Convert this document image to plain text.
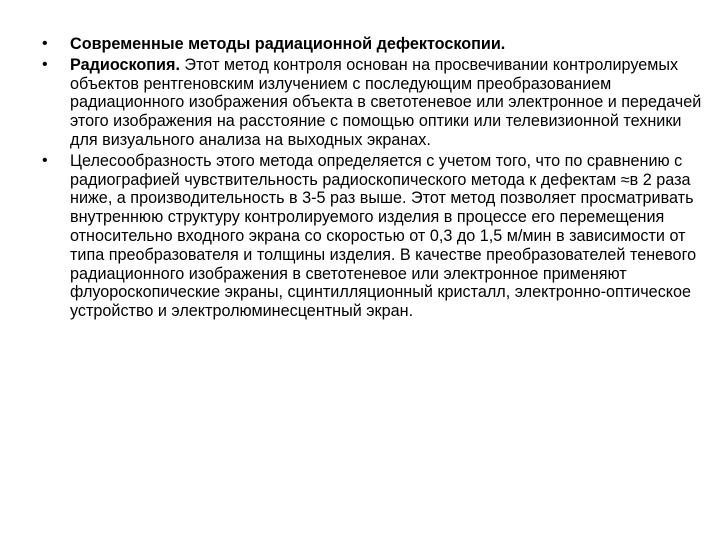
• Современные методы радиационной дефектоскопии.
• Радиоскопия. Этот метод контроля основан на просвечивании контролируемых объектов рентгеновским излучением с последующим преобразованием радиационного изображения объекта в светотеневое или электронное и передачей этого изображения на расстояние с помощью оптики или телевизионной техники для визуального анализа на выходных экранах.
• Целесообразность этого метода определяется с учетом того, что по сравнению с радиографией чувствительность радиоскопического метода к дефектам ≈в 2 раза ниже, а производительность в 3-5 раз выше. Этот метод позволяет просматривать внутреннюю структуру контролируемого изделия в процессе его перемещения относительно входного экрана со скоростью от 0,3 до 1,5 м/мин в зависимости от типа преобразователя и толщины изделия. В качестве преобразователей теневого радиационного изображения в светотеневое или электронное применяют флуороскопические экраны, сцинтилляционный кристалл, электронно-оптическое устройство и электролюминесцентный экран.
